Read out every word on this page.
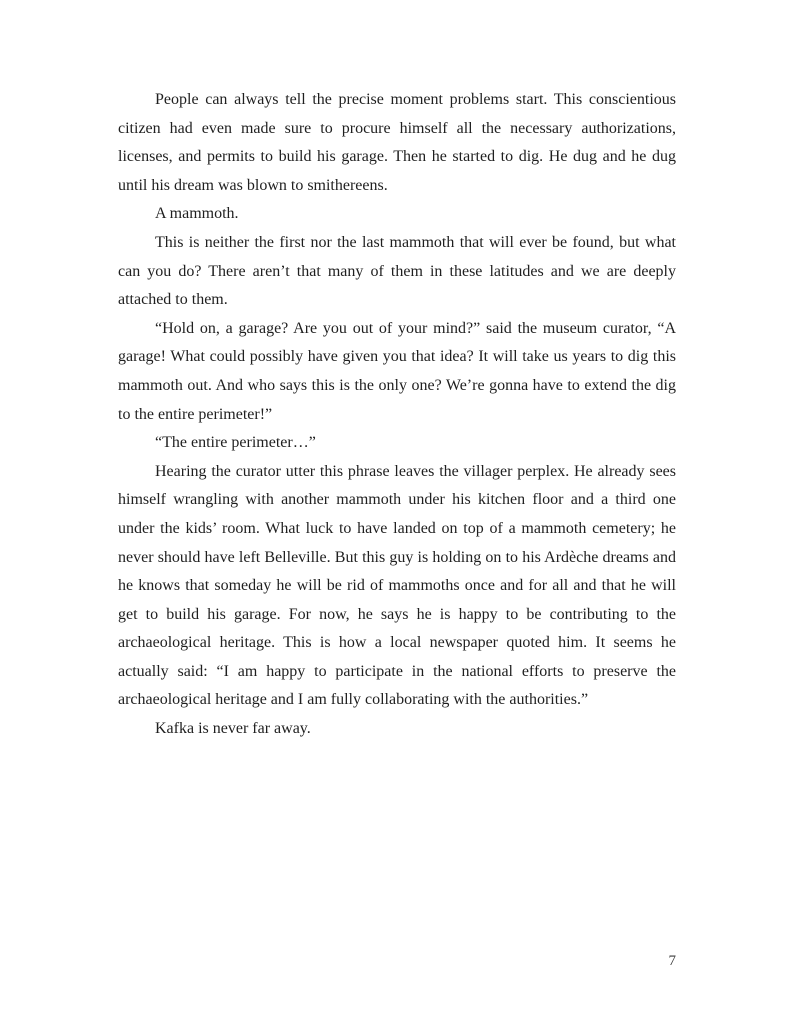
People can always tell the precise moment problems start. This conscientious citizen had even made sure to procure himself all the necessary authorizations, licenses, and permits to build his garage. Then he started to dig. He dug and he dug until his dream was blown to smithereens.

A mammoth.

This is neither the first nor the last mammoth that will ever be found, but what can you do? There aren’t that many of them in these latitudes and we are deeply attached to them.

“Hold on, a garage? Are you out of your mind?” said the museum curator, “A garage! What could possibly have given you that idea? It will take us years to dig this mammoth out. And who says this is the only one? We’re gonna have to extend the dig to the entire perimeter!”

“The entire perimeter…”

Hearing the curator utter this phrase leaves the villager perplex. He already sees himself wrangling with another mammoth under his kitchen floor and a third one under the kids’ room. What luck to have landed on top of a mammoth cemetery; he never should have left Belleville. But this guy is holding on to his Ardèche dreams and he knows that someday he will be rid of mammoths once and for all and that he will get to build his garage. For now, he says he is happy to be contributing to the archaeological heritage. This is how a local newspaper quoted him. It seems he actually said: “I am happy to participate in the national efforts to preserve the archaeological heritage and I am fully collaborating with the authorities.”

Kafka is never far away.

7
